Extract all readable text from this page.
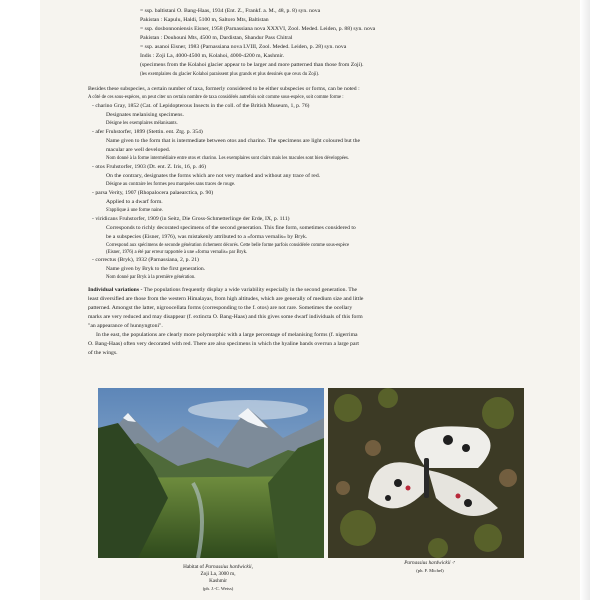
= ssp. baltistani O. Bang-Haas, 1934 (Ent. Z., Frankf. a. M., 48, p. 8) syn. nova
Pakistan : Kapulu, Haldi, 5100 m, Saltoro Mts, Baltistan
= ssp. dosbonnoniensis Eisner, 1958 (Parnassiana nova XXXVI, Zool. Meded. Leiden, p. 88) syn. nova
Pakistan : Douhouni Mts, 4500 m, Dardistan, Shandur Pass Chitral
= ssp. asanoi Eisner, 1983 (Parnassiana nova LVIII, Zool. Meded. Leiden, p. 28) syn. nova
Indis : Zoji La, 4000-4500 m, Kolahoi, 4000-4200 m, Kashmir.
(specimens from the Kolahoi glacier appear to be larger and more patterned than those from Zoji).
(les exemplaires du glacier Kolahoi paraissent plus grands et plus dessinés que ceux du Zoji).
Besides these subspecies, a certain number of taxa, formerly considered to be either subspecies or forms, can be noted :
A côté de ces sous-espèces, on peut citer un certain nombre de taxa considérés autrefois soit comme sous-espèce, soit comme forme :
- charino Gray, 1852 (Cat. of Lepidopterous Insects in the coll. of the British Museum, 1, p. 76)
Designates melanising specimens.
Désigne les exemplaires mélanisants.
- afer Fruhstorfer, 1899 (Stettin. ent. Ztg. p. 354)
Name given to the form that is intermediate between otos and charino. The specimens are light coloured but the
macular are well developed.
Nom donné à la forme intermédiaire entre otos et charino. Les exemplaires sont clairs mais les macules sont bien développées.
- otos Fruhstorfer, 1903 (Dt. ent. Z. Iris, 16, p. 46)
On the contrary, designates the forms which are not very marked and without any trace of red.
Désigne au contraire les formes peu marquées sans traces de rouge.
- parsa Verity, 1907 (Rhopalocera palaearctica, p. 90)
Applied to a dwarf form.
S'applique à une forme naine.
- viridicans Fruhstorfer, 1909 (in Seitz, Die Gross-Schmetterlinge der Erde, IX, p. 111)
Corresponds to richly decorated specimens of the second generation. This fine form, sometimes considered to
be a subspecies (Eisner, 1976), was mistakenly attributed to a «forma vernalis» by Bryk.
Correspond aux spécimens de seconde génération richement décorés. Cette belle forme parfois considérée comme sous-espèce
(Eisner, 1976) a été par erreur rapportée à une «forma vernalis» par Bryk.
- correctus (Bryk), 1932 (Parnassiana, 2, p. 21)
Name given by Bryk to the first generation.
Nom donné par Bryk à la première génération.
Individual variations - The populations frequently display a wide variability especially in the second generation. The
least diversified are those from the western Himalayas, from high altitudes, which are generally of medium size and little
patterned. Amongst the latter, nigroocellata forms (corresponding to the f. otos) are not rare. Sometimes the ocellary
marks are very reduced and may disappear (f. extincta O. Bang-Haas) and this gives some dwarf individuals of this form
"an appearance of hunnyngtoni".
In the east, the populations are clearly more polymorphic with a large percentage of melanising forms (f. nigerrima
O. Bang-Haas) often very decorated with red. There are also specimens in which the hyaline bands overrun a large part
of the wings.
Habitat of Parnassius hardwickii,
Zoji La, 3000 m,
Kashmir
(ph. J.-C. Weiss)
Parnassius hardwickii ♂
(ph. F. Michel)
